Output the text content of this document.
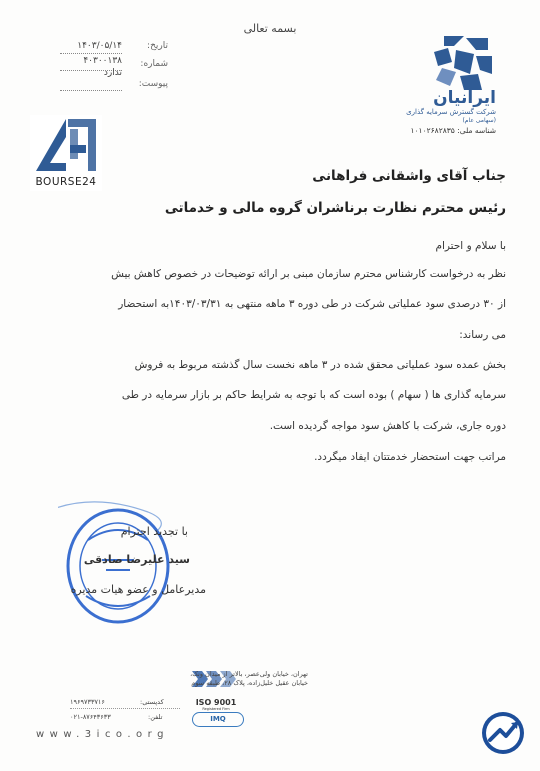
بسمه تعالی
تاریخ:
۱۴۰۳/۰۵/۱۴
شماره:
۴۰۳۰۰۱۳۸
پیوست:
ندارد
ایرانیان
شرکت گسترش سرمایه گذاری
(سهامی عام)
شناسه ملی: ۱۰۱۰۲۶۸۲۸۳۵
BOURSE24	جناب آقای واشقانی فراهانی
رئیس محترم نظارت برناشران گروه مالی و خدماتی
با سلام و احترام
نظر به درخواست کارشناس محترم سازمان مبنی بر ارائه توضیحات در خصوص کاهش بیش
از ۳۰ درصدی سود عملیاتی شرکت در طی دوره ۳ ماهه منتهی به ۱۴۰۳/۰۳/۳۱به استحضار
می رساند:
بخش عمده سود عملیاتی محقق شده در ۳ ماهه نخست سال گذشته مربوط به فروش
سرمایه گذاری ها ( سهام ) بوده است که با توجه به شرایط حاکم بر بازار سرمایه در طی
دوره جاری، شرکت با کاهش سود مواجه گردیده است.
مراتب جهت استحضار خدمتتان ایفاد میگردد.
با تجدید احترام
سید علیرضا صادقی
مدیرعامل و عضو هیات مدیره
تهران، خیابان ولی‌عصر، بالاتر از میدان ونک،
خیابان عقیل خلیل‌زاده، پلاک ۲۸، طبقه سوم
کدپستی:
۱۹۶۹۷۳۳۷۱۶
تلفن:
۰۲۱-۸۷۶۴۳۶۳۳
ISO 9001
Registered Firm
IMQ
www.3ico.org
